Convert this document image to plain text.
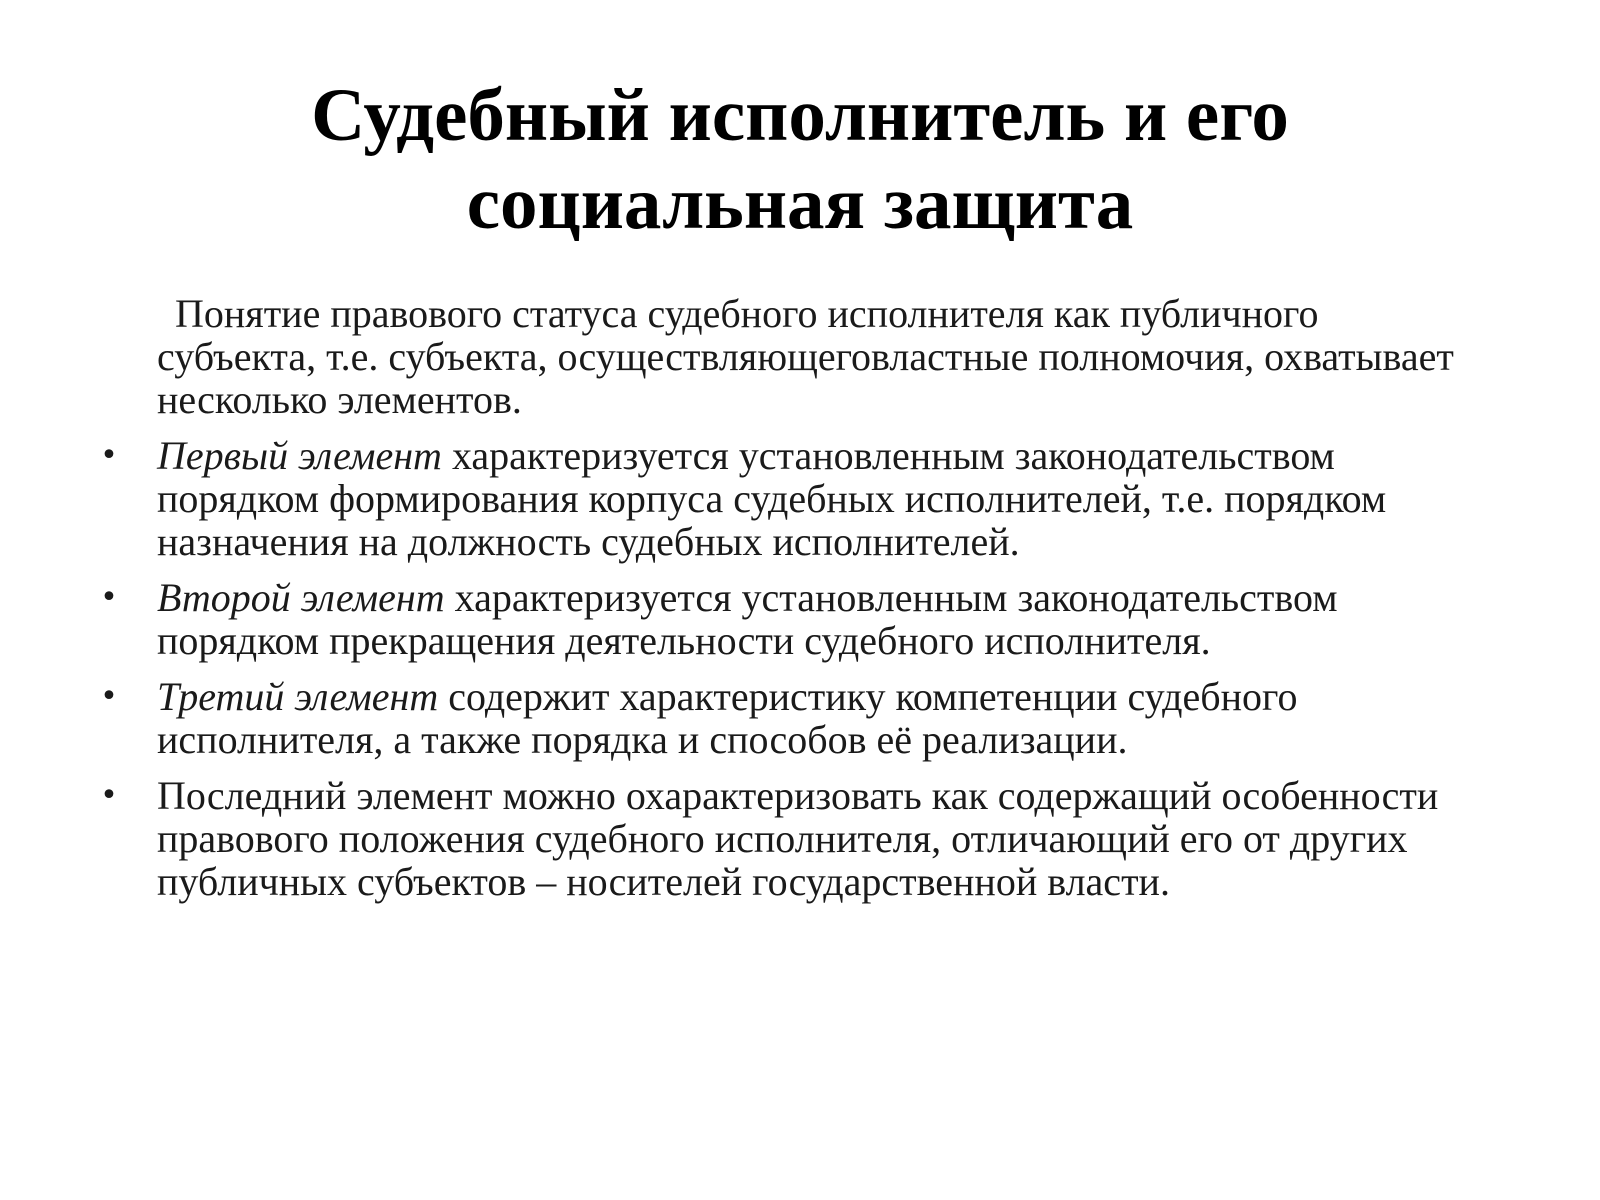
Судебный исполнитель и его
социальная защита

Понятие правового статуса судебного исполнителя как публичного субъекта, т.е. субъекта, осуществляющеговластные полномочия, охватывает несколько элементов.

• Первый элемент характеризуется установленным законодательством порядком формирования корпуса судебных исполнителей, т.е. порядком назначения на должность судебных исполнителей.
• Второй элемент характеризуется установленным законодательством порядком прекращения деятельности судебного исполнителя.
• Третий элемент содержит характеристику компетенции судебного исполнителя, а также порядка и способов её реализации.
• Последний элемент можно охарактеризовать как содержащий особенности правового положения судебного исполнителя, отличающий его от других публичных субъектов – носителей государственной власти.
